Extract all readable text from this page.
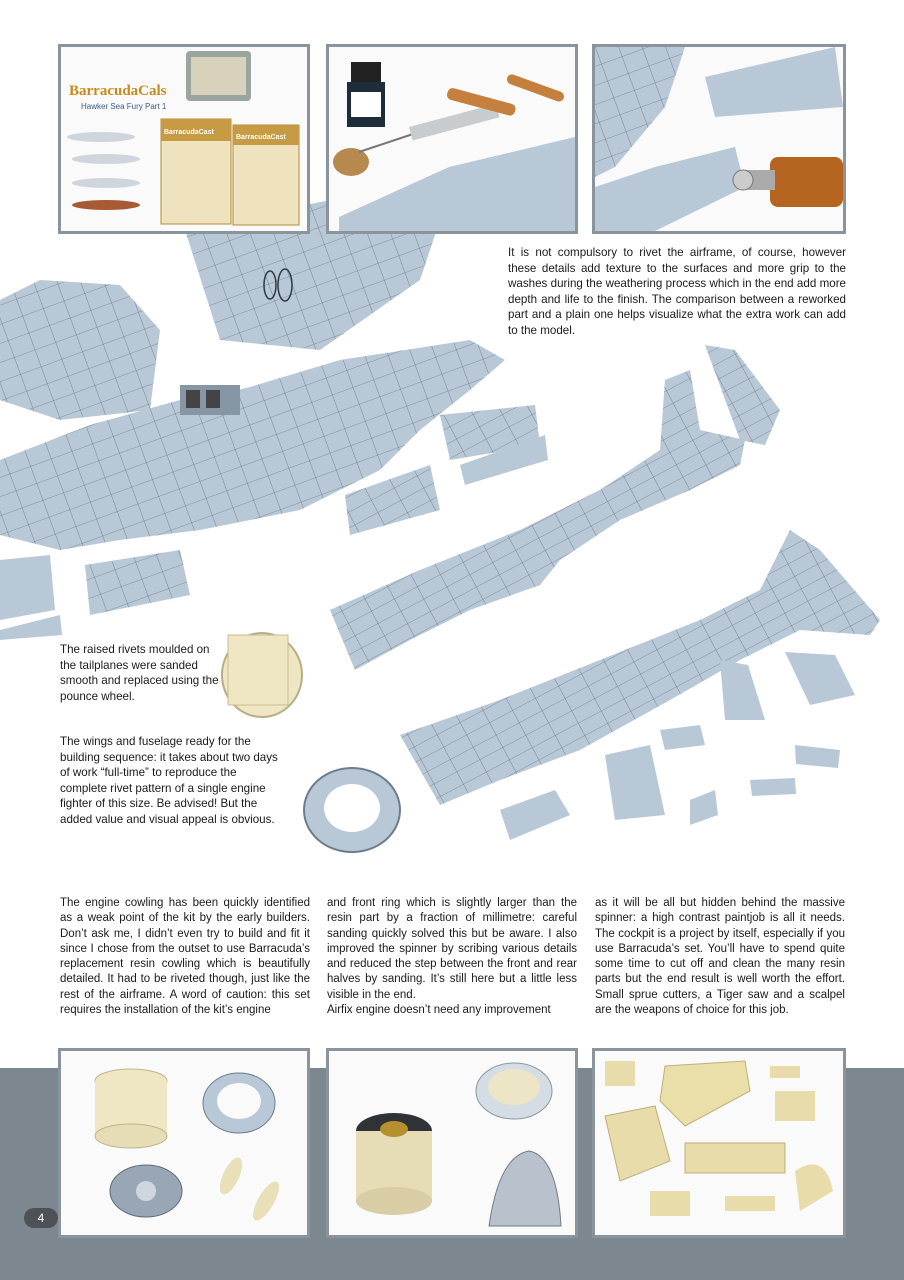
BarracudaCals
Hawker Sea Fury Part 1
BarracudaCast
BarracudaCast
It is not compulsory to rivet the airframe, of course, however these details add texture to the surfaces and more grip to the washes during the weathering process which in the end add more depth and life to the finish. The comparison between a reworked part and a plain one helps visualize what the extra work can add to the model.
The raised rivets moulded on the tailplanes were sanded smooth and replaced using the pounce wheel.
The wings and fuselage ready for the building sequence: it takes about two days of work “full-time” to reproduce the complete rivet pattern of a single engine fighter of this size. Be advised! But the added value and visual appeal is obvious.
The engine cowling has been quickly identified as a weak point of the kit by the early builders. Don’t ask me, I didn’t even try to build and fit it since I chose from the outset to use Barracuda’s replacement resin cowling which is beautifully detailed. It had to be riveted though, just like the rest of the airframe. A word of caution: this set requires the installation of the kit’s engine
and front ring which is slightly larger than the resin part by a fraction of millimetre: careful sanding quickly solved this but be aware. I also improved the spinner by scribing various details and reduced the step between the front and rear halves by sanding. It’s still here but a little less visible in the end.
Airfix engine doesn’t need any improvement
as it will be all but hidden behind the massive spinner: a high contrast paintjob is all it needs. The cockpit is a project by itself, especially if you use Barracuda’s set. You’ll have to spend quite some time to cut off and clean the many resin parts but the end result is well worth the effort. Small sprue cutters, a Tiger saw and a scalpel are the weapons of choice for this job.
4
